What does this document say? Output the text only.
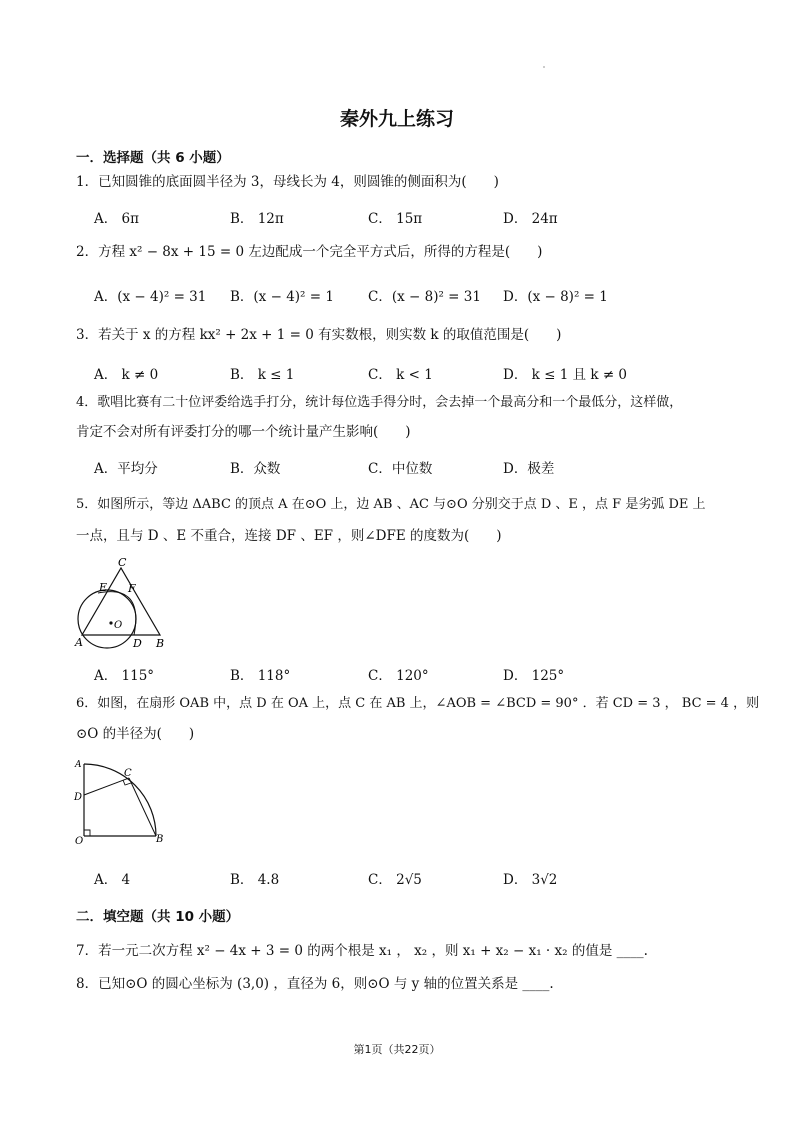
秦外九上练习
一．选择题（共 6 小题）
1．已知圆锥的底面圆半径为 3，母线长为 4，则圆锥的侧面积为(　　)
A． 6π	B． 12π	C． 15π	D． 24π
2．方程 x² − 8x + 15 = 0 左边配成一个完全平方式后，所得的方程是(　　)
A．(x − 4)² = 31 B．(x − 4)² = 1	C．(x − 8)² = 31 D．(x − 8)² = 1
3．若关于 x 的方程 kx² + 2x + 1 = 0 有实数根，则实数 k 的取值范围是(　　)
A． k ≠ 0	B． k ≤ 1	C． k < 1	D． k ≤ 1 且 k ≠ 0
4．歌唱比赛有二十位评委给选手打分，统计每位选手得分时，会去掉一个最高分和一个最低分，这样做，
肯定不会对所有评委打分的哪一个统计量产生影响(　　)
A．平均分	B．众数	C．中位数	D．极差
5．如图所示，等边 ΔABC 的顶点 A 在⊙O 上，边 AB 、AC 与⊙O 分别交于点 D 、E ，点 F 是劣弧 DE 上
一点，且与 D 、E 不重合，连接 DF 、EF ，则∠DFE 的度数为(　　)
C
E F
O
A	D B
A． 115°	B． 118°	C． 120°	D． 125°
6．如图，在扇形 OAB 中，点 D 在 OA 上，点 C 在 AB 上，∠AOB = ∠BCD = 90° ．若 CD = 3 ， BC = 4 ，则
⊙O 的半径为(　　)
A
C
D
O	B
A． 4	B． 4.8	C． 2√5	D． 3√2
二．填空题（共 10 小题）
7．若一元二次方程 x² − 4x + 3 = 0 的两个根是 x₁ ， x₂ ，则 x₁ + x₂ − x₁ · x₂ 的值是 ____.
8．已知⊙O 的圆心坐标为 (3,0) ，直径为 6，则⊙O 与 y 轴的位置关系是 ____.
第1页（共22页）
